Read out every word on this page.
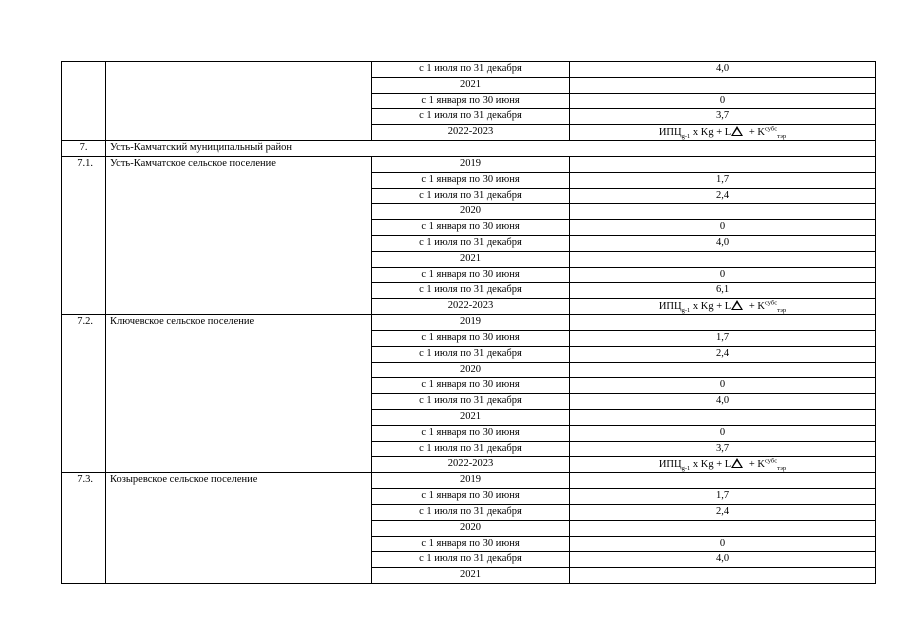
		с 1 июля по 31 декабря	4,0
		2021	
		с 1 января по 30 июня	0
		с 1 июля по 31 декабря	3,7
		2022-2023	$ИПЦ_{g-1}$ x $Kg + L + K^{субс}_{тэр}$
7.	Усть-Камчатский муниципальный район		
7.1.	Усть-Камчатское сельское поселение	2019	
		с 1 января по 30 июня	1,7
		с 1 июля по 31 декабря	2,4
		2020	
		с 1 января по 30 июня	0
		с 1 июля по 31 декабря	4,0
		2021	
		с 1 января по 30 июня	0
		с 1 июля по 31 декабря	6,1
		2022-2023	$ИПЦ_{g-1}$ x $Kg + L + K^{субс}_{тэр}$
7.2.	Ключевское сельское поселение	2019	
		с 1 января по 30 июня	1,7
		с 1 июля по 31 декабря	2,4
		2020	
		с 1 января по 30 июня	0
		с 1 июля по 31 декабря	4,0
		2021	
		с 1 января по 30 июня	0
		с 1 июля по 31 декабря	3,7
		2022-2023	$ИПЦ_{g-1}$ x $Kg + L + K^{субс}_{тэр}$
7.3.	Козыревское сельское поселение	2019	
		с 1 января по 30 июня	1,7
		с 1 июля по 31 декабря	2,4
		2020	
		с 1 января по 30 июня	0
		с 1 июля по 31 декабря	4,0
		2021	
